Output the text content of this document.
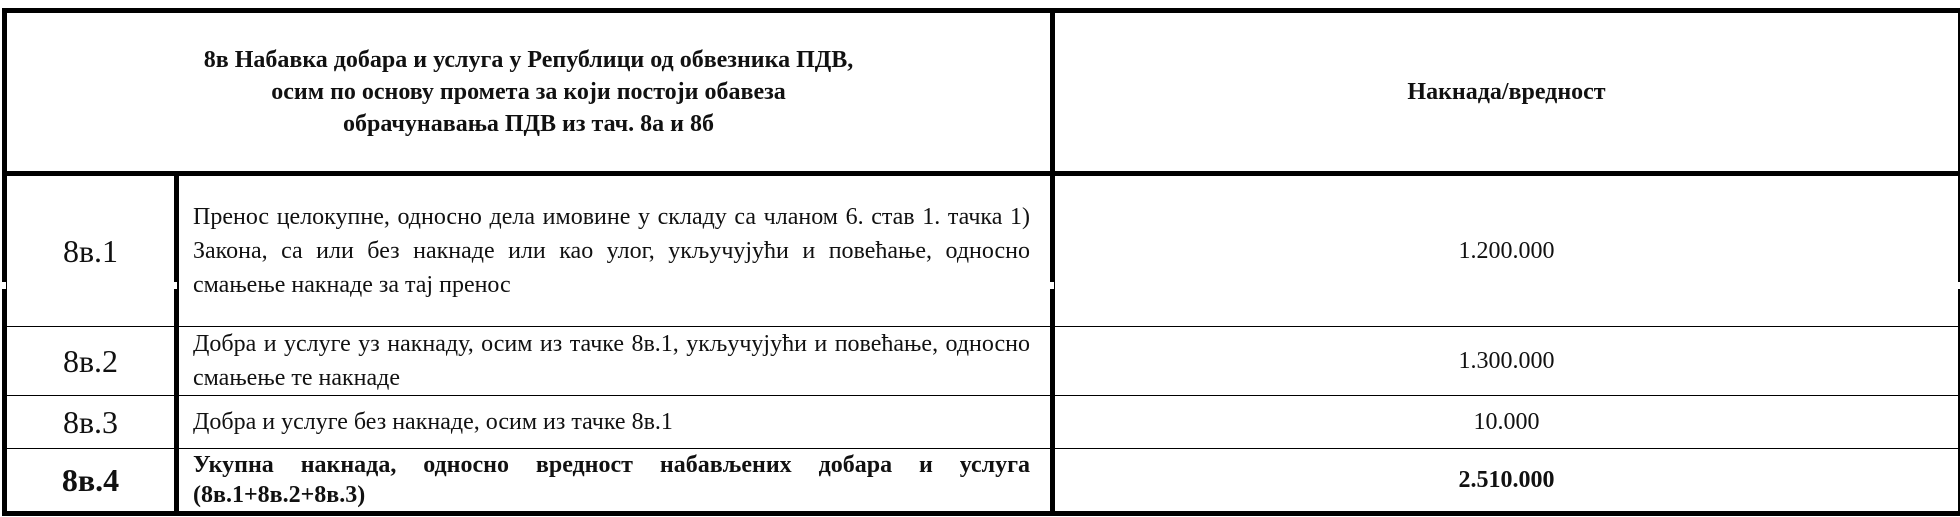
8в Набавка добара и услуга у Републици од обвезника ПДВ,
осим по основу промета за који постоји обавеза
обрачунавања ПДВ из тач. 8а и 8б		Накнада/вредност
8в.1	Пренос целокупне, односно дела имовине у складу са чланом 6. став 1. тачка 1) Закона, са или без накнаде или као улог, укључујући и повећање, односно смањење накнаде за тај пренос	1.200.000
8в.2	Добра и услуге уз накнаду, осим из тачке 8в.1, укључујући и повећање, односно смањење те накнаде	1.300.000
8в.3	Добра и услуге без накнаде, осим из тачке 8в.1	10.000
8в.4	Укупна накнада, односно вредност набављених добара и услуга (8в.1+8в.2+8в.3)	2.510.000
